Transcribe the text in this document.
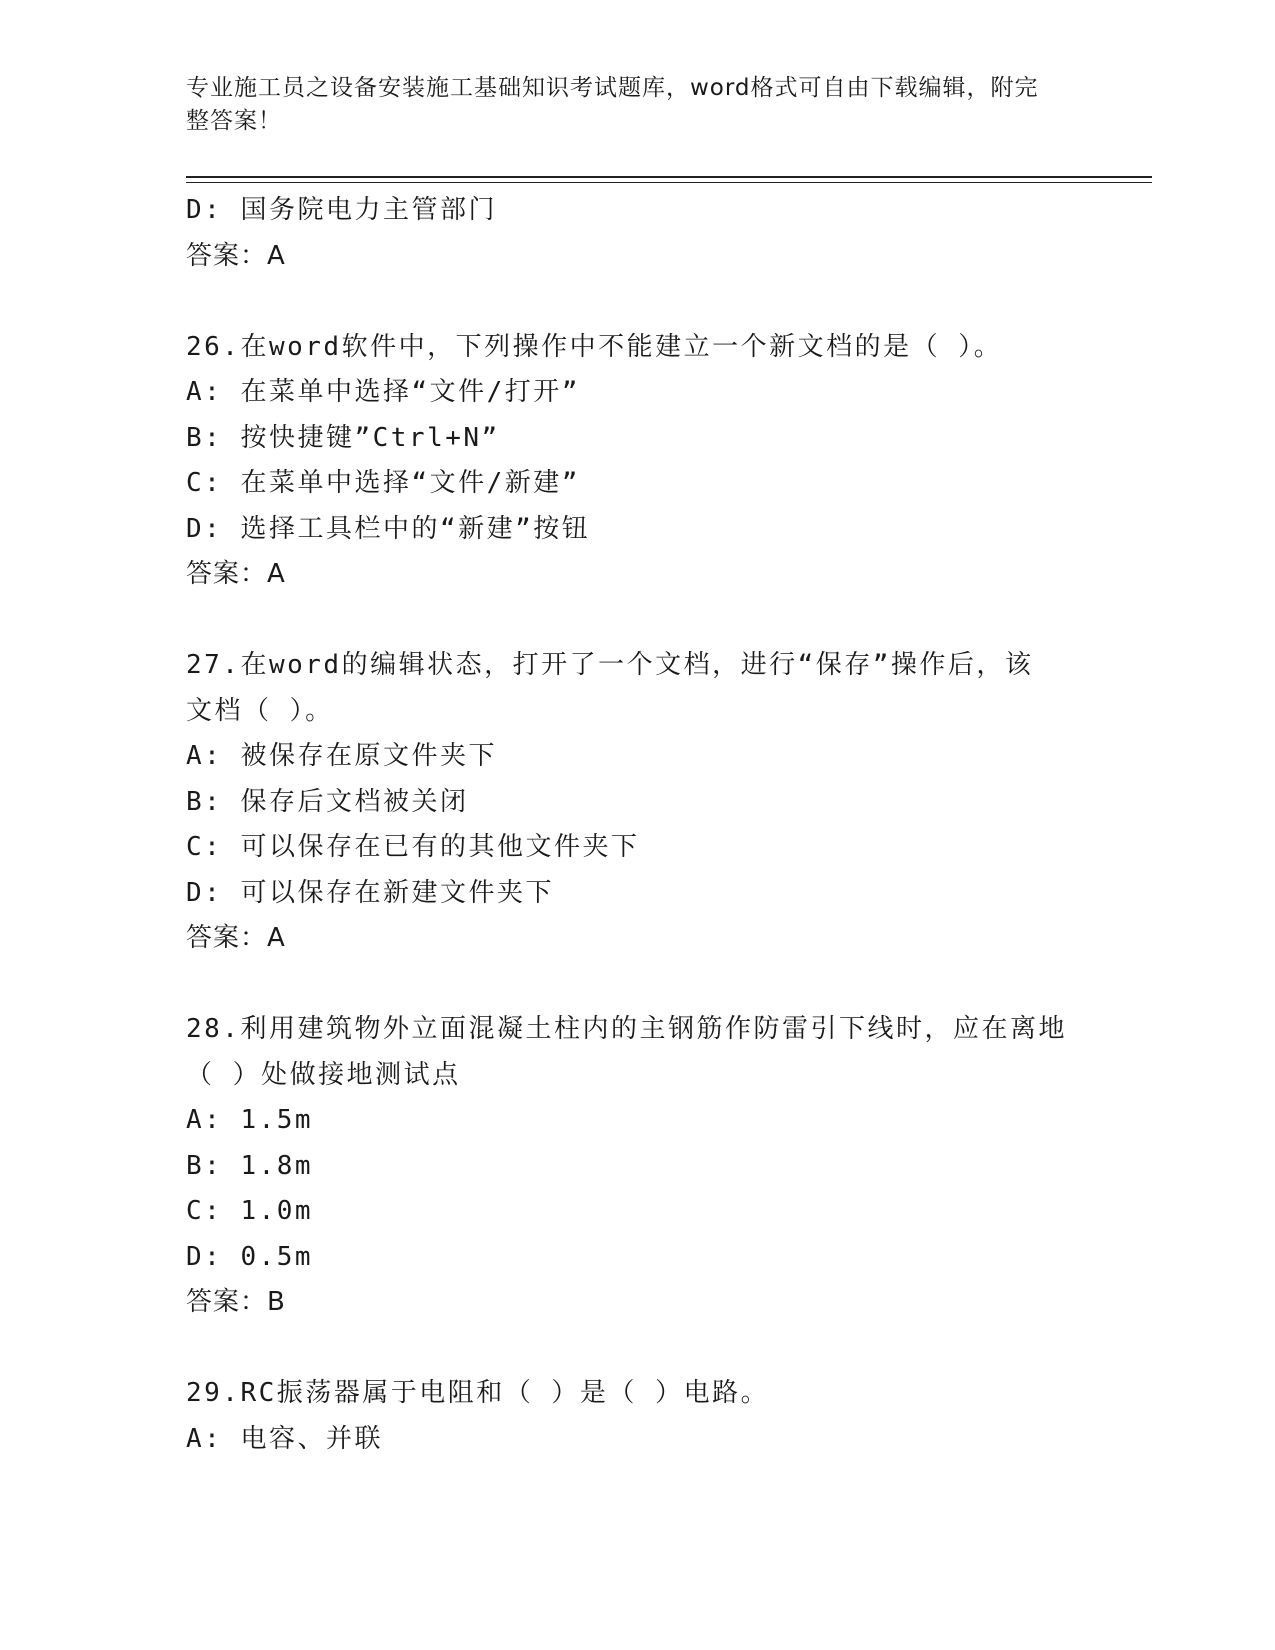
专业施工员之设备安装施工基础知识考试题库，word格式可自由下载编辑，附完
整答案！
D: 国务院电力主管部门
答案：A
26.在word软件中，下列操作中不能建立一个新文档的是（ ）。
A: 在菜单中选择“文件/打开”
B: 按快捷键”Ctrl+N”
C: 在菜单中选择“文件/新建”
D: 选择工具栏中的“新建”按钮
答案：A
27.在word的编辑状态，打开了一个文档，进行“保存”操作后，该
文档（ ）。
A: 被保存在原文件夹下
B: 保存后文档被关闭
C: 可以保存在已有的其他文件夹下
D: 可以保存在新建文件夹下
答案：A
28.利用建筑物外立面混凝土柱内的主钢筋作防雷引下线时，应在离地
（ ）处做接地测试点
A: 1.5m
B: 1.8m
C: 1.0m
D: 0.5m
答案：B
29.RC振荡器属于电阻和（ ）是（ ）电路。
A: 电容、并联
